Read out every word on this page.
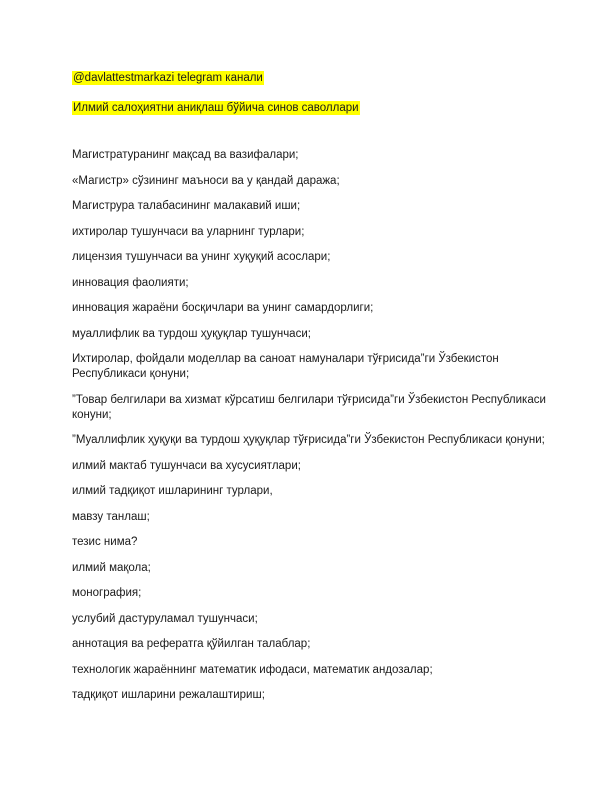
@davlattestmarkazi telegram канали
Илмий салоҳиятни аниқлаш бўйича синов саволлари
Магистратуранинг мақсад ва вазифалари;
«Магистр» сўзининг маъноси ва у қандай даража;
Магиструра талабасининг малакавий иши;
ихтиролар тушунчаси ва уларнинг турлари;
лицензия тушунчаси ва унинг хуқуқий асослари;
инновация фаолияти;
инновация жараёни босқичлари ва унинг самардорлиги;
муаллифлик ва турдош ҳуқуқлар тушунчаси;
Ихтиролар, фойдали моделлар ва саноат намуналари тўғрисида”ги Ўзбекистон Республикаси қонуни;
”Товар белгилари ва хизмат кўрсатиш белгилари тўғрисида”ги Ўзбекистон Республикаси конуни;
”Муаллифлик ҳуқуқи ва турдош ҳуқуқлар тўғрисида”ги Ўзбекистон Республикаси қонуни;
илмий мактаб тушунчаси ва хусусиятлари;
илмий тадқиқот ишларининг турлари,
мавзу танлаш;
тезис нима?
илмий мақола;
монография;
услубий дастуруламал тушунчаси;
аннотация ва рефератга қўйилган талаблар;
технологик жараённинг математик ифодаси, математик андозалар;
тадқиқот ишларини режалаштириш;
